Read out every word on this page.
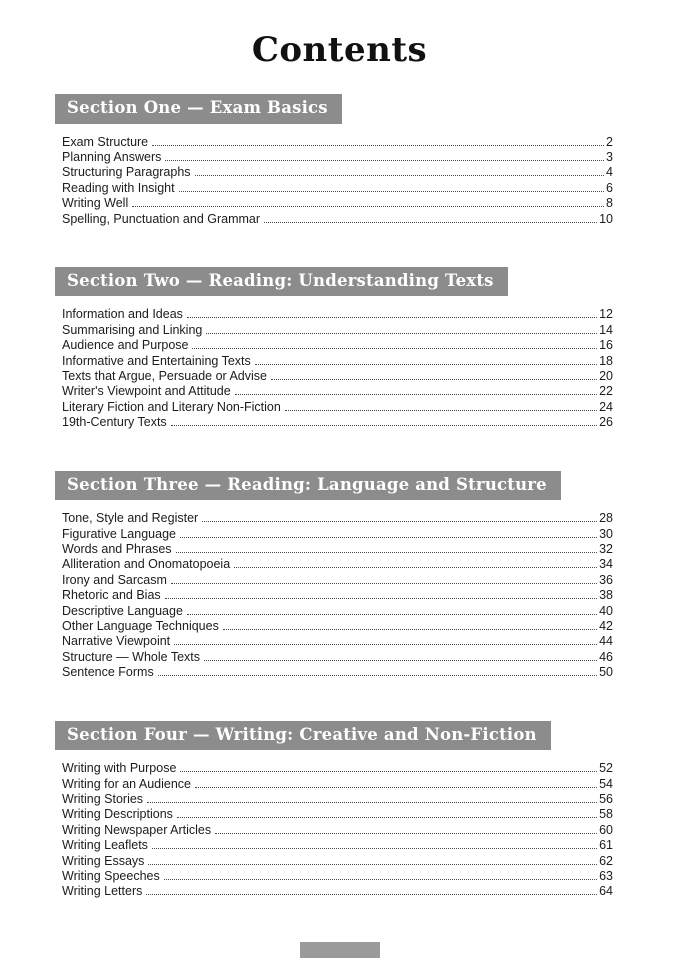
Contents
Section One — Exam Basics
Exam Structure	2
Planning Answers	3
Structuring Paragraphs	4
Reading with Insight	6
Writing Well	8
Spelling, Punctuation and Grammar	10
Section Two — Reading: Understanding Texts
Information and Ideas	12
Summarising and Linking	14
Audience and Purpose	16
Informative and Entertaining Texts	18
Texts that Argue, Persuade or Advise	20
Writer's Viewpoint and Attitude	22
Literary Fiction and Literary Non-Fiction	24
19th-Century Texts	26
Section Three — Reading: Language and Structure
Tone, Style and Register	28
Figurative Language	30
Words and Phrases	32
Alliteration and Onomatopoeia	34
Irony and Sarcasm	36
Rhetoric and Bias	38
Descriptive Language	40
Other Language Techniques	42
Narrative Viewpoint	44
Structure — Whole Texts	46
Sentence Forms	50
Section Four — Writing: Creative and Non-Fiction
Writing with Purpose	52
Writing for an Audience	54
Writing Stories	56
Writing Descriptions	58
Writing Newspaper Articles	60
Writing Leaflets	61
Writing Essays	62
Writing Speeches	63
Writing Letters	64
